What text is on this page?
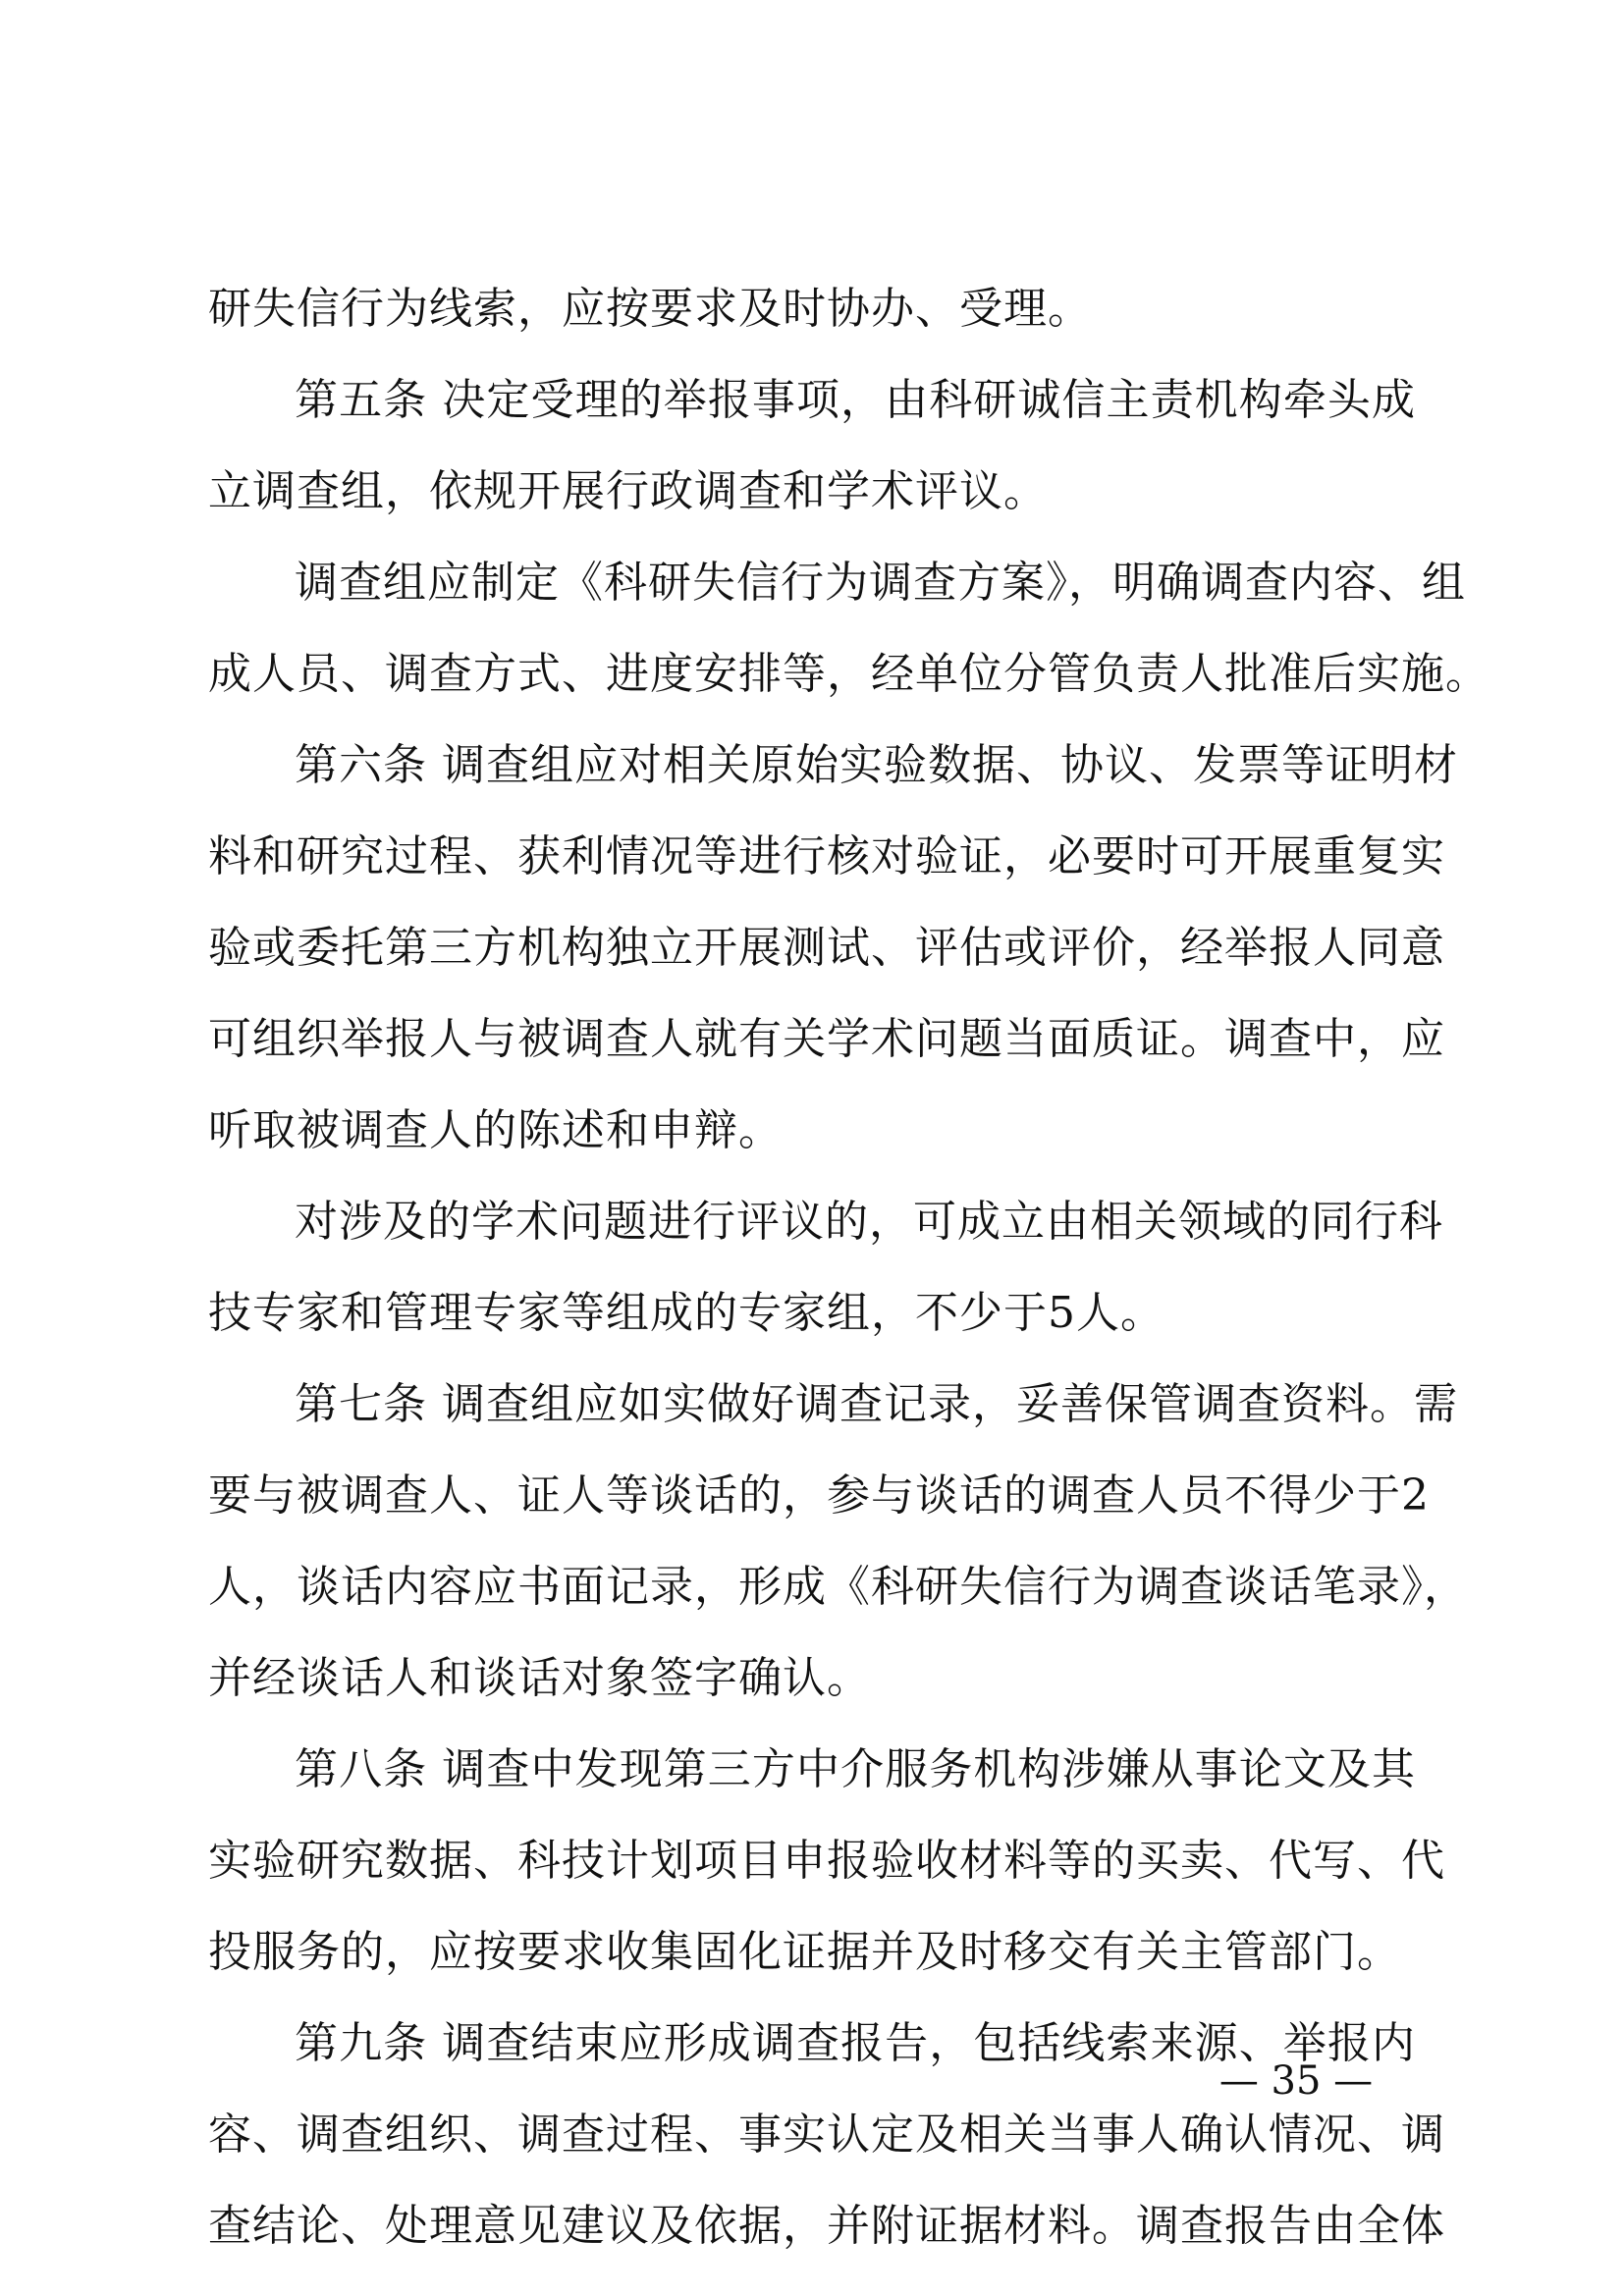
研失信行为线索，应按要求及时协办、受理。
第五条 决定受理的举报事项，由科研诚信主责机构牵头成
立调查组，依规开展行政调查和学术评议。
调查组应制定《科研失信行为调查方案》，明确调查内容、组
成人员、调查方式、进度安排等，经单位分管负责人批准后实施。
第六条 调查组应对相关原始实验数据、协议、发票等证明材
料和研究过程、获利情况等进行核对验证，必要时可开展重复实
验或委托第三方机构独立开展测试、评估或评价，经举报人同意
可组织举报人与被调查人就有关学术问题当面质证。调查中，应
听取被调查人的陈述和申辩。
对涉及的学术问题进行评议的，可成立由相关领域的同行科
技专家和管理专家等组成的专家组，不少于5人。
第七条 调查组应如实做好调查记录，妥善保管调查资料。需
要与被调查人、证人等谈话的，参与谈话的调查人员不得少于2
人，谈话内容应书面记录，形成《科研失信行为调查谈话笔录》，
并经谈话人和谈话对象签字确认。
第八条 调查中发现第三方中介服务机构涉嫌从事论文及其
实验研究数据、科技计划项目申报验收材料等的买卖、代写、代
投服务的，应按要求收集固化证据并及时移交有关主管部门。
第九条 调查结束应形成调查报告，包括线索来源、举报内
容、调查组织、调查过程、事实认定及相关当事人确认情况、调
查结论、处理意见建议及依据，并附证据材料。调查报告由全体
— 35 —
